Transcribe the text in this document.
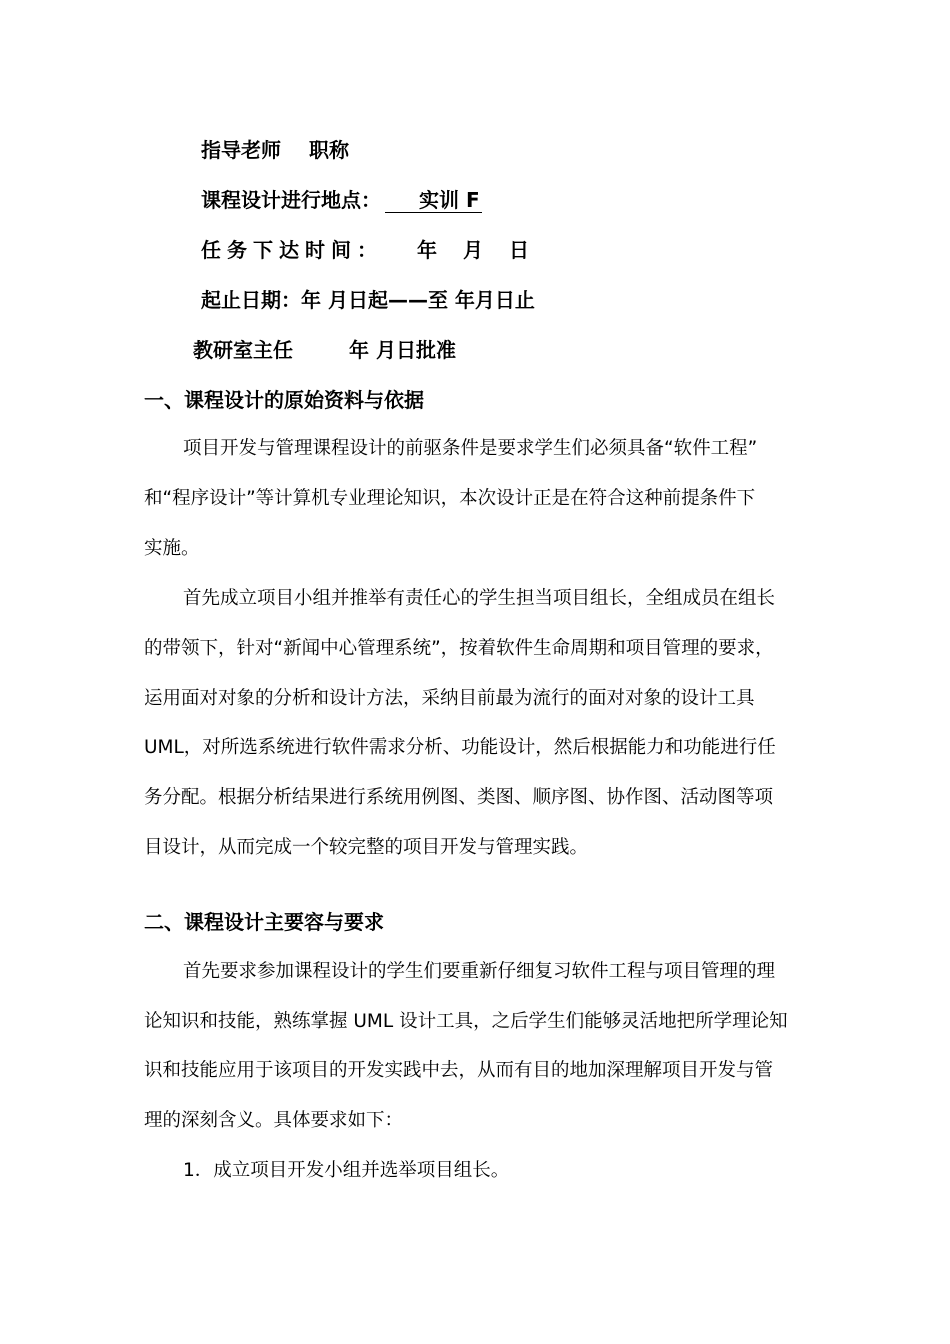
指导老师 职称
课程设计进行地点： 实训 F
任务下达时间： 年 月 日
起止日期：年 月日起——至 年月日止
教研室主任	年 月日批准
一、课程设计的原始资料与依据
项目开发与管理课程设计的前驱条件是要求学生们必须具备“软件工程”
和“程序设计”等计算机专业理论知识，本次设计正是在符合这种前提条件下
实施。
首先成立项目小组并推举有责任心的学生担当项目组长，全组成员在组长
的带领下，针对“新闻中心管理系统”，按着软件生命周期和项目管理的要求，
运用面对对象的分析和设计方法，采纳目前最为流行的面对对象的设计工具
UML，对所选系统进行软件需求分析、功能设计，然后根据能力和功能进行任
务分配。根据分析结果进行系统用例图、类图、顺序图、协作图、活动图等项
目设计，从而完成一个较完整的项目开发与管理实践。
二、课程设计主要容与要求
首先要求参加课程设计的学生们要重新仔细复习软件工程与项目管理的理
论知识和技能，熟练掌握 UML 设计工具，之后学生们能够灵活地把所学理论知
识和技能应用于该项目的开发实践中去，从而有目的地加深理解项目开发与管
理的深刻含义。具体要求如下：
1．成立项目开发小组并选举项目组长。
